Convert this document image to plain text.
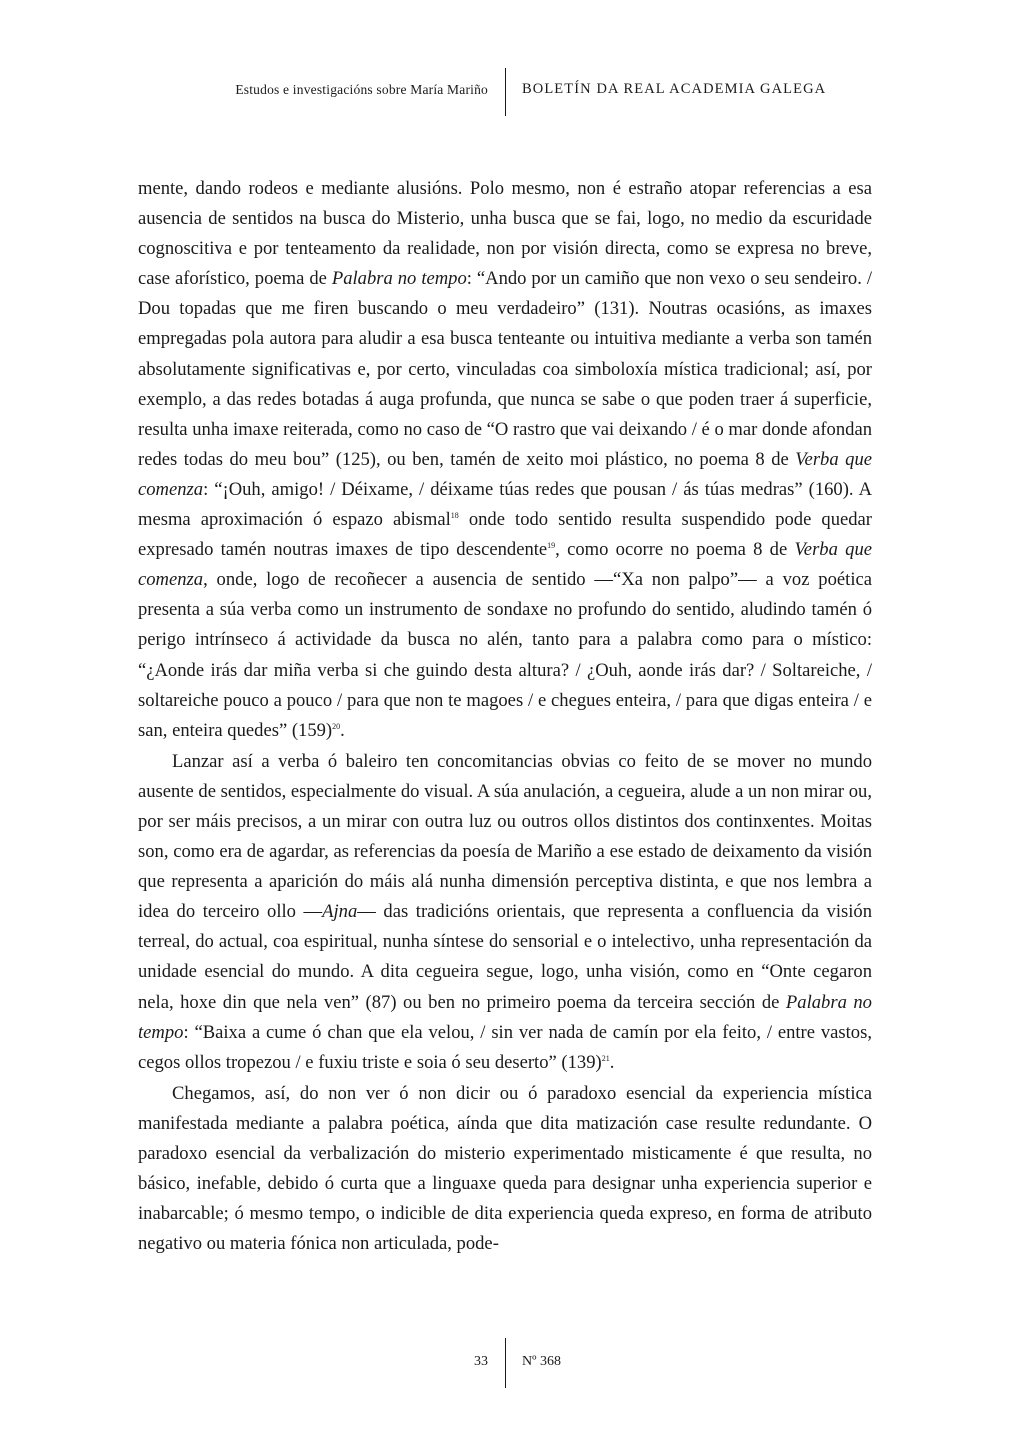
Estudos e investigacións sobre María Mariño BOLETÍN DA REAL ACADEMIA GALEGA

mente, dando rodeos e mediante alusións. Polo mesmo, non é estraño atopar referencias a esa ausencia de sentidos na busca do Misterio, unha busca que se fai, logo, no medio da escuridade cognoscitiva e por tenteamento da realidade, non por visión directa, como se expresa no breve, case aforístico, poema de Palabra no tempo: “Ando por un camiño que non vexo o seu sendeiro. / Dou topadas que me firen buscando o meu verdadeiro” (131). Noutras ocasións, as imaxes empregadas pola autora para aludir a esa busca tenteante ou intuitiva mediante a verba son tamén absolutamente significativas e, por certo, vinculadas coa simboloxía mística tradicional; así, por exemplo, a das redes botadas á auga profunda, que nunca se sabe o que poden traer á superficie, resulta unha imaxe reiterada, como no caso de “O rastro que vai deixando / é o mar donde afondan redes todas do meu bou” (125), ou ben, tamén de xeito moi plástico, no poema 8 de Verba que comenza: “¡Ouh, amigo! / Déixame, / déixame túas redes que pousan / ás túas medras” (160). A mesma aproximación ó espazo abismal$^{18}$ onde todo sentido resulta suspendido pode quedar expresado tamén noutras imaxes de tipo descendente$^{19}$, como ocorre no poema 8 de Verba que comenza, onde, logo de recoñecer a ausencia de sentido —“Xa non palpo”— a voz poética presenta a súa verba como un instrumento de sondaxe no profundo do sentido, aludindo tamén ó perigo intrínseco á actividade da busca no alén, tanto para a palabra como para o místico: “¿Aonde irás dar miña verba si che guindo desta altura? / ¿Ouh, aonde irás dar? / Soltareiche, / soltareiche pouco a pouco / para que non te magoes / e chegues enteira, / para que digas enteira / e san, enteira quedes” $(159)^{20}$.

Lanzar así a verba ó baleiro ten concomitancias obvias co feito de se mover no mundo ausente de sentidos, especialmente do visual. A súa anulación, a cegueira, alude a un non mirar ou, por ser máis precisos, a un mirar con outra luz ou outros ollos distintos dos continxentes. Moitas son, como era de agardar, as referencias da poesía de Mariño a ese estado de deixamento da visión que representa a aparición do máis alá nunha dimensión perceptiva distinta, e que nos lembra a idea do terceiro ollo —Ajna— das tradicións orientais, que representa a confluencia da visión terreal, do actual, coa espiritual, nunha síntese do sensorial e o intelectivo, unha representación da unidade esencial do mundo. A dita cegueira segue, logo, unha visión, como en “Onte cegaron nela, hoxe din que nela ven” (87) ou ben no primeiro poema da terceira sección de Palabra no tempo: “Baixa a cume ó chan que ela velou, / sin ver nada de camín por ela feito, / entre vastos, cegos ollos tropezou / e fuxiu triste e soia ó seu deserto” $(139)^{21}$.

Chegamos, así, do non ver ó non dicir ou ó paradoxo esencial da experiencia mística manifestada mediante a palabra poética, aínda que dita matización case resulte redundante. O paradoxo esencial da verbalización do misterio experimentado misticamente é que resulta, no básico, inefable, debido ó curta que a linguaxe queda para designar unha experiencia superior e inabarcable; ó mesmo tempo, o indicible de dita experiencia queda expreso, en forma de atributo negativo ou materia fónica non articulada, pode-

33 Nº 368
